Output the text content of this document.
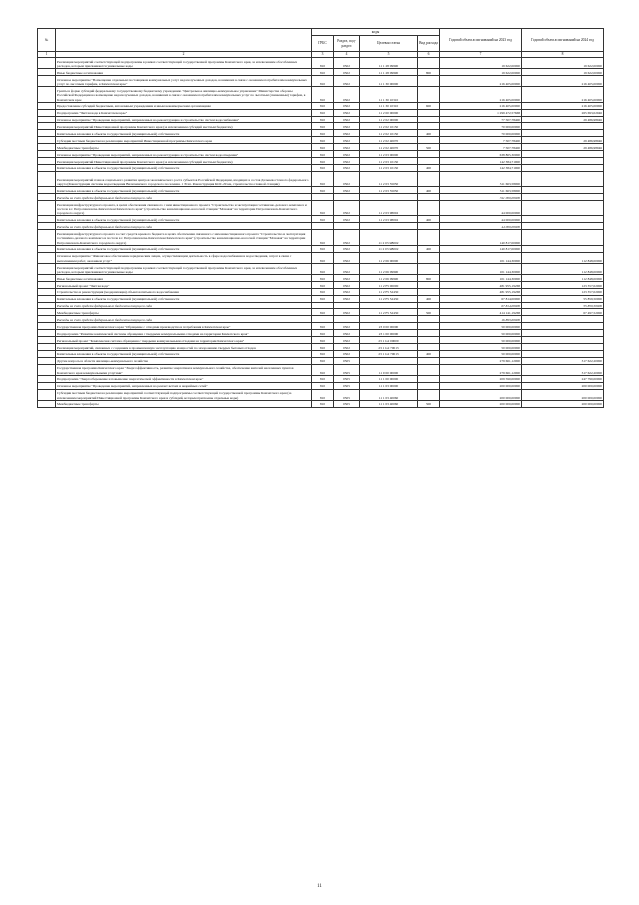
№		коды				Годовой объем ассигнований на 2023 год	Годовой объем ассигнований на 2024 год
		ГРБС	Раздел, под-раздел	Целевая статья	Вид расхода		
1	2	3	4	5	6	7	8
	Реализация мероприятий соответствующей подпрограммы в рамках соответствующей государственной программы Камчатского края, за исключением обособленных расходов, которым присваиваются уникальные коды	810	0502	11 1 28 09990		19 622,00000	19 622,00000
	Иные бюджетные ассигнования	810	0502	11 1 28 09990	800	19 622,00000	19 622,00000
	Основное мероприятие "Возмещение отдельным поставщикам коммунальных услуг недополученных доходов, возникших в связи с оказанием потребителям коммунальных услуг по льготным тарифам, в Камчатском крае"	810	0502	11 1 30 00000		216 405,00000	216 405,00000
	Гранты в форме субсидий федеральному государственному бюджетному учреждению "Центральное жилищно-коммунальное управление" Министерства обороны Российской Федерации на возмещение недополученных доходов, возникших в связи с оказанием потребителям коммунальных услуг по льготным (сниженным) тарифам, в Камчатском крае	810	0502	11 1 30 10310		216 405,00000	216 405,00000
	Предоставление субсидий бюджетным, автономным учреждениям и иным некоммерческим организациям	810	0502	11 1 30 10310	600	216 405,00000	216 405,00000
	Подпрограмма "Чистая вода в Камчатском крае"	810	0502	11 2 00 00000		1 299 472,57668	265 693,02946
	Основное мероприятие "Проведение мероприятий, направленных на реконструкцию и строительство систем водоснабжения"	810	0502	11 2 02 00000		77 507,78400	29 486,98946
	Реализация мероприятий Инвестиционной программы Камчатского края (за исключением субсидий местным бюджетам)	810	0502	11 2 02 10150		70 000,00000	
	Капитальные вложения в объекты государственной (муниципальной) собственности	810	0502	11 2 02 10150	400	70 000,00000	
	Субсидии местным бюджетам на реализацию мероприятий Инвестиционной программы Камчатского края	810	0502	11 2 02 40070		7 507,78400	29 486,98946
	Межбюджетные трансферты	810	0502	11 2 02 40070	500	7 507,78400	29 486,98946
	Основное мероприятие "Проведение мероприятий, направленных на реконструкцию и строительство систем водоотведения"	810	0502	11 2 03 00000		638 865,30000	
	Реализация мероприятий Инвестиционной программы Камчатского края (за исключением субсидий местным бюджетам)	810	0502	11 2 03 10130		142 384,71900	
	Капитальные вложения в объекты государственной (муниципальной) собственности	810	0502	11 2 03 10130	400	142 384,71900	
	Реализация мероприятий планов социального развития центров экономического роста субъектов Российской Федерации, входящих в состав Дальневосточного федерального округа (Реконструкция системы водоотведения Вилючинского городского поселения. 1 Этап. Реконструкция КОС-29 км, строительство главной станции)	810	0502	11 2 03 55050		311 663,58000	
	Капитальные вложения в объекты государственной (муниципальной) собственности	810	0502	11 2 03 55050	400	311 663,58000	
	Расходы за счет средств федерального бюджета текущего года					311 000,00000	
	Реализация инфраструктурного проекта, в целях обеспечения связанного с ним инвестиционного проекта "Строительство и эксплуатация гостинично-делового комплекса и хостела в г. Петропавловске-Камчатском Камчатского края" (строительство канализационно-насосной станции "Моховая" на территории Петропавловск-Камчатского городского округа)	810	0502	11 2 03 98002		44 000,00000	
	Капитальные вложения в объекты государственной (муниципальной) собственности	810	0502	11 2 03 98002	400	44 000,00000	
	Расходы за счет средств федерального бюджета текущего года					44 000,00000	
	Реализация инфраструктурного проекта за счет средств краевого бюджета в целях обеспечения связанного с ним инвестиционного проекта "Строительство и эксплуатация гостинично-делового комплекса и хостела в г. Петропавловске-Камчатском Камчатского края" (строительство канализационно-насосной станции "Моховая" на территории Петропавловск-Камчатского городского округа)	810	0502	11 2 03 Я8002		140 817,00000	
	Капитальные вложения в объекты государственной (муниципальной) собственности	810	0502	11 2 03 Я8002	400	140 817,00000	
	Основное мероприятие "Финансовое обеспечение юридическим лицам, осуществляющим деятельность в сфере водоснабжения и водоотведения, затрат в связи с выполнением работ, оказанием услуг"	810	0502	11 2 06 00000		101 144,30000	112 848,00000
	Реализация мероприятий соответствующей подпрограммы в рамках соответствующей государственной программы Камчатского края, за исключением обособленных расходов, которым присваиваются уникальные коды	810	0502	11 2 06 09990		101 144,30000	112 848,00000
	Иные бюджетные ассигнования	810	0502	11 2 06 09990	800	101 144,30000	112 848,00000
	Региональный проект "Чистая вода"	810	0502	11 2 F5 00000		481 955,19268	123 357,02000
	Строительство и реконструкция (модернизация) объектов питьевого водоснабжения	810	0502	11 2 F5 52430		481 955,19268	123 357,02000
	Капитальные вложения в объекты государственной (муниципальной) собственности	810	0502	11 2 F5 52430	400	67 814,00000	55 859,50000
	Расходы за счет средств федерального бюджета текущего года					67 814,00000	55 859,50000
	Межбюджетные трансферты	810	0502	11 2 F5 52430	500	414 141,19268	67 497,52000
	Расходы за счет средств федерального бюджета текущего года					16 893,60000	
	Государственная программа Камчатского края "Обращение с отходами производства и потребления в Камчатском крае"	810	0502	23 0 00 00000		50 000,00000	
	Подпрограмма "Развитие комплексной системы обращения с твердыми коммунальными отходами на территории Камчатского края"	810	0502	23 1 00 00000		50 000,00000	
	Региональный проект "Комплексная система обращения с твердыми коммунальными отходами на территории Камчатского края"	810	0502	23 1 G2 00000		50 000,00000	
	Реализация мероприятий, связанных с созданием в промышленную эксплуатацию мощностей по захоронению твердых бытовых отходов	810	0502	23 1 G2 70013		50 000,00000	
	Капитальные вложения в объекты государственной (муниципальной) собственности	810	0502	23 1 G2 70013	400	50 000,00000	
	Другие вопросы в области жилищно-коммунального хозяйства	810	0505			279 661,12000	317 622,20000
	Государственная программа Камчатского края "Энергоэффективность, развитие энергетики и коммунального хозяйства, обеспечение жителей населенных пунктов Камчатского края коммунальными услугами"	810	0505	11 0 00 00000		279 661,12000	317 622,20000
	Подпрограмма "Энергосбережение и повышение энергетической эффективности в Камчатском крае"	810	0505	11 1 00 00000		209 590,00000	247 790,00000
	Основное мероприятие "Проведение мероприятий, направленных на ремонт ветхих и аварийных сетей"	810	0505	11 1 03 00000		200 000,00000	200 000,00000
	Субсидии местным бюджетам на реализацию мероприятий соответствующей подпрограммы соответствующей государственной программы Камчатского края (за исключением мероприятий Инвестиционной программы Камчатского края и субсидий, которым присвоены отдельные коды)	810	0505	11 1 03 40060		200 000,00000	200 000,00000
	Межбюджетные трансферты	810	0505	11 1 03 40060	500	200 000,00000	200 000,00000
11
